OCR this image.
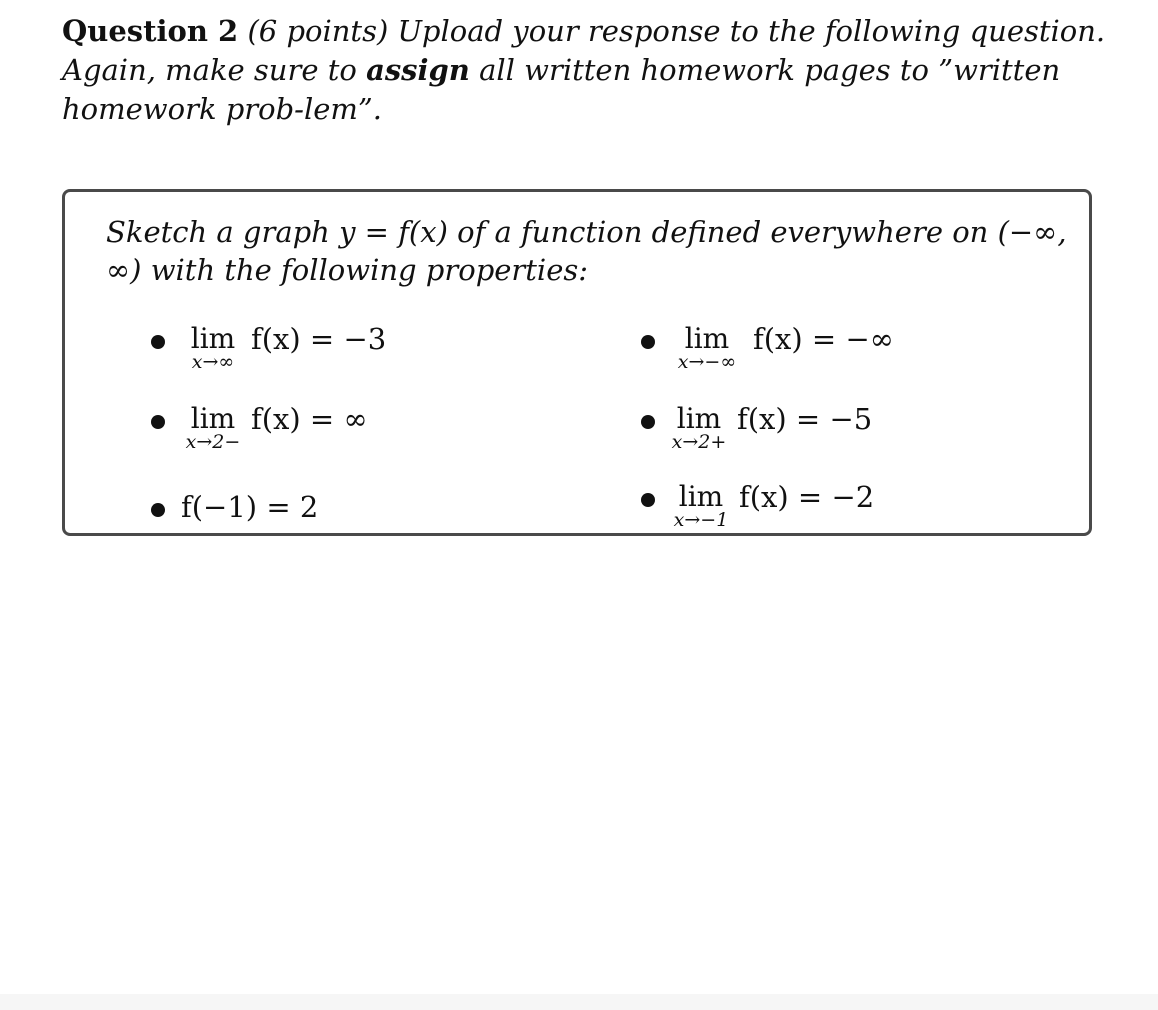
Question 2 (6 points) Upload your response to the following question. Again, make sure to assign all written homework pages to ”written homework prob-lem”.
Sketch a graph y = f(x) of a function defined everywhere on (−∞, ∞) with the following properties:
lim
x→∞
f(x) = −3	lim
x→−∞
f(x) = −∞
lim
x→2−
f(x) = ∞	lim
x→2+
f(x) = −5
f(−1) = 2	lim
x→−1
f(x) = −2
